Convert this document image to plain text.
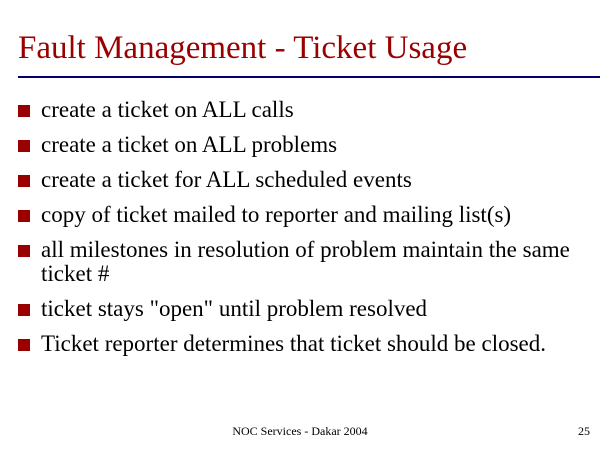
Fault Management - Ticket Usage
create a ticket on ALL calls
create a ticket on ALL problems
create a ticket for ALL scheduled events
copy of ticket mailed to reporter and mailing list(s)
all milestones in resolution of problem maintain the same ticket #
ticket stays "open" until problem resolved
Ticket reporter determines that ticket should be closed.
NOC Services - Dakar 2004	25
